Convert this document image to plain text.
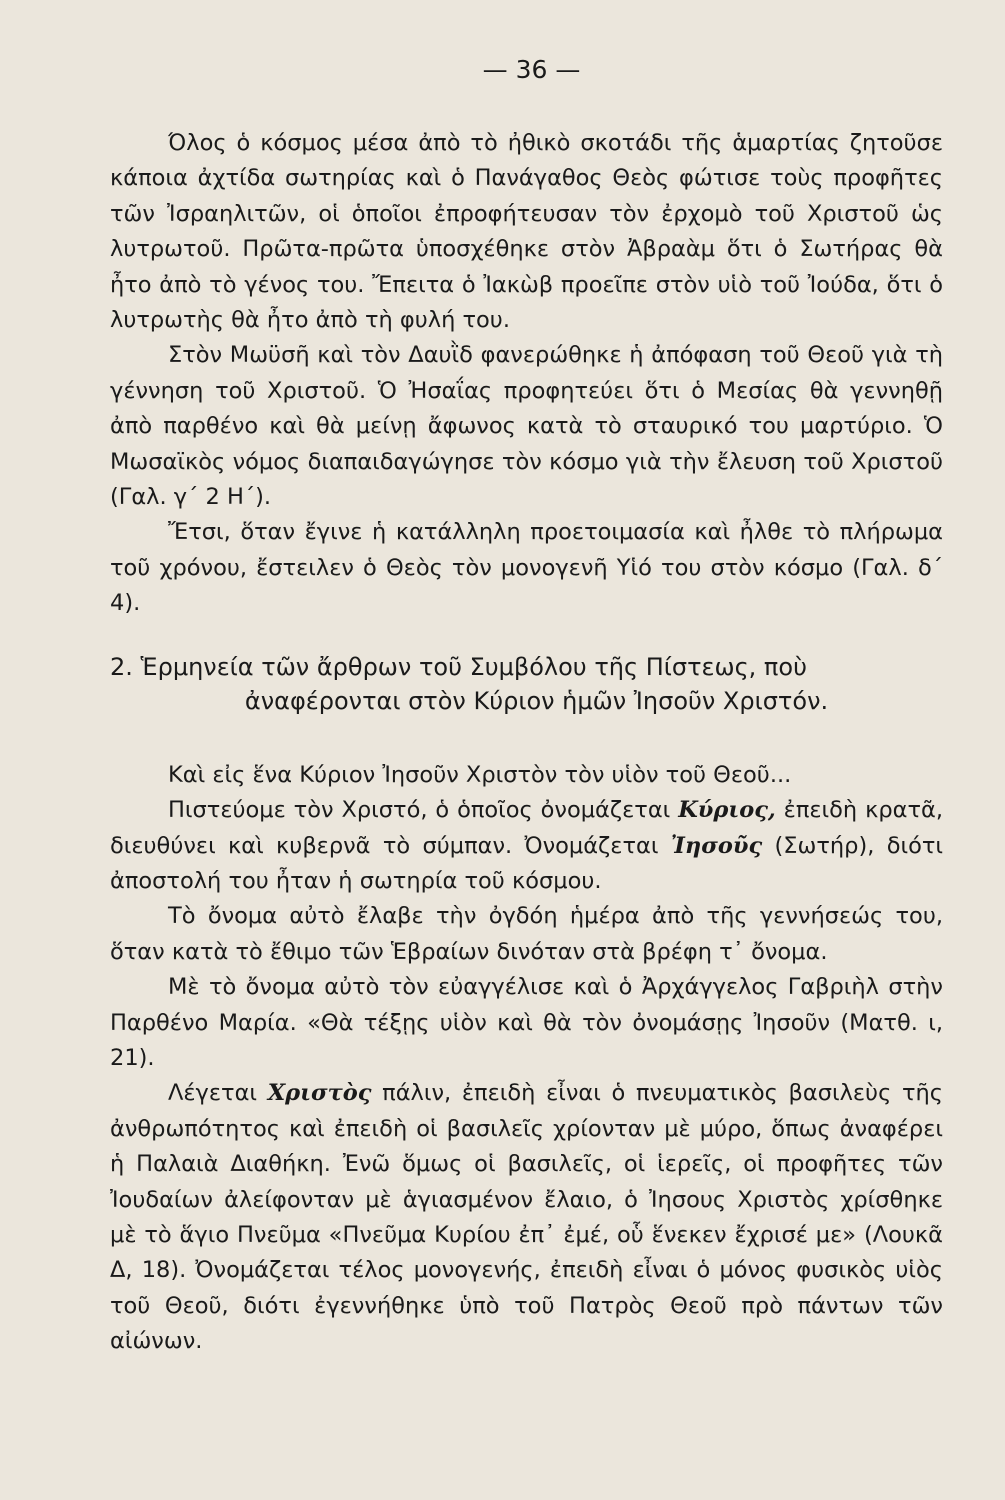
— 36 —

Όλος ὁ κόσμος μέσα ἀπὸ τὸ ἠθικὸ σκοτάδι τῆς ἁμαρτίας ζητοῦσε κάποια ἀχτίδα σωτηρίας καὶ ὁ Πανάγαθος Θεὸς φώτισε τοὺς προφῆτες τῶν Ἰσραηλιτῶν, οἱ ὁποῖοι ἐπροφήτευσαν τὸν ἐρχομὸ τοῦ Χριστοῦ ὡς λυτρωτοῦ. Πρῶτα-πρῶτα ὑποσχέθηκε στὸν Ἀβραὰμ ὅτι ὁ Σωτήρας θὰ ἦτο ἀπὸ τὸ γένος του. Ἔπειτα ὁ Ἰακὼβ προεῖπε στὸν υἱὸ τοῦ Ἰούδα, ὅτι ὁ λυτρωτὴς θὰ ἦτο ἀπὸ τὴ φυλή του.

Στὸν Μωϋσῆ καὶ τὸν Δαυῒδ φανερώθηκε ἡ ἀπόφαση τοῦ Θεοῦ γιὰ τὴ γέννηση τοῦ Χριστοῦ. Ὁ Ἠσαΐας προφητεύει ὅτι ὁ Μεσίας θὰ γεννηθῇ ἀπὸ παρθένο καὶ θὰ μείνῃ ἄφωνος κατὰ τὸ σταυρικό του μαρτύριο. Ὁ Μωσαϊκὸς νόμος διαπαιδαγώγησε τὸν κόσμο γιὰ τὴν ἔλευση τοῦ Χριστοῦ (Γαλ. γ΄ 2 Η΄).

Ἔτσι, ὅταν ἔγινε ἡ κατάλληλη προετοιμασία καὶ ἦλθε τὸ πλήρωμα τοῦ χρόνου, ἔστειλεν ὁ Θεὸς τὸν μονογενῆ Υἱό του στὸν κόσμο (Γαλ. δ΄ 4).

2. Ἑρμηνεία τῶν ἄρθρων τοῦ Συμβόλου τῆς Πίστεως, ποὺ
ἀναφέρονται στὸν Κύριον ἡμῶν Ἰησοῦν Χριστόν.

Καὶ εἰς ἕνα Κύριον Ἰησοῦν Χριστὸν τὸν υἱὸν τοῦ Θεοῦ...

Πιστεύομε τὸν Χριστό, ὁ ὁποῖος ὀνομάζεται Κύριος, ἐπειδὴ κρατᾶ, διευθύνει καὶ κυβερνᾶ τὸ σύμπαν. Ὀνομάζεται Ἰησοῦς (Σωτήρ), διότι ἀποστολή του ἦταν ἡ σωτηρία τοῦ κόσμου.

Τὸ ὄνομα αὐτὸ ἔλαβε τὴν ὀγδόη ἡμέρα ἀπὸ τῆς γεννήσεώς του, ὅταν κατὰ τὸ ἔθιμο τῶν Ἑβραίων δινόταν στὰ βρέφη τ᾽ ὄνομα.

Μὲ τὸ ὄνομα αὐτὸ τὸν εὐαγγέλισε καὶ ὁ Ἀρχάγγελος Γαβριὴλ στὴν Παρθένο Μαρία. «Θὰ τέξῃς υἱὸν καὶ θὰ τὸν ὀνομάσῃς Ἰησοῦν (Ματθ. ι, 21).

Λέγεται Χριστὸς πάλιν, ἐπειδὴ εἶναι ὁ πνευματικὸς βασιλεὺς τῆς ἀνθρωπότητος καὶ ἐπειδὴ οἱ βασιλεῖς χρίονταν μὲ μύρο, ὅπως ἀναφέρει ἡ Παλαιὰ Διαθήκη. Ἐνῶ ὅμως οἱ βασιλεῖς, οἱ ἱερεῖς, οἱ προφῆτες τῶν Ἰουδαίων ἀλείφονταν μὲ ἁγιασμένον ἔλαιο, ὁ Ἰησους Χριστὸς χρίσθηκε μὲ τὸ ἅγιο Πνεῦμα «Πνεῦμα Κυρίου ἐπ᾽ ἐμέ, οὗ ἕνεκεν ἔχρισέ με» (Λουκᾶ Δ, 18). Ὀνομάζεται τέλος μονογενής, ἐπειδὴ εἶναι ὁ μόνος φυσικὸς υἱὸς τοῦ Θεοῦ, διότι ἐγεννήθηκε ὑπὸ τοῦ Πατρὸς Θεοῦ πρὸ πάντων τῶν αἰώνων.
